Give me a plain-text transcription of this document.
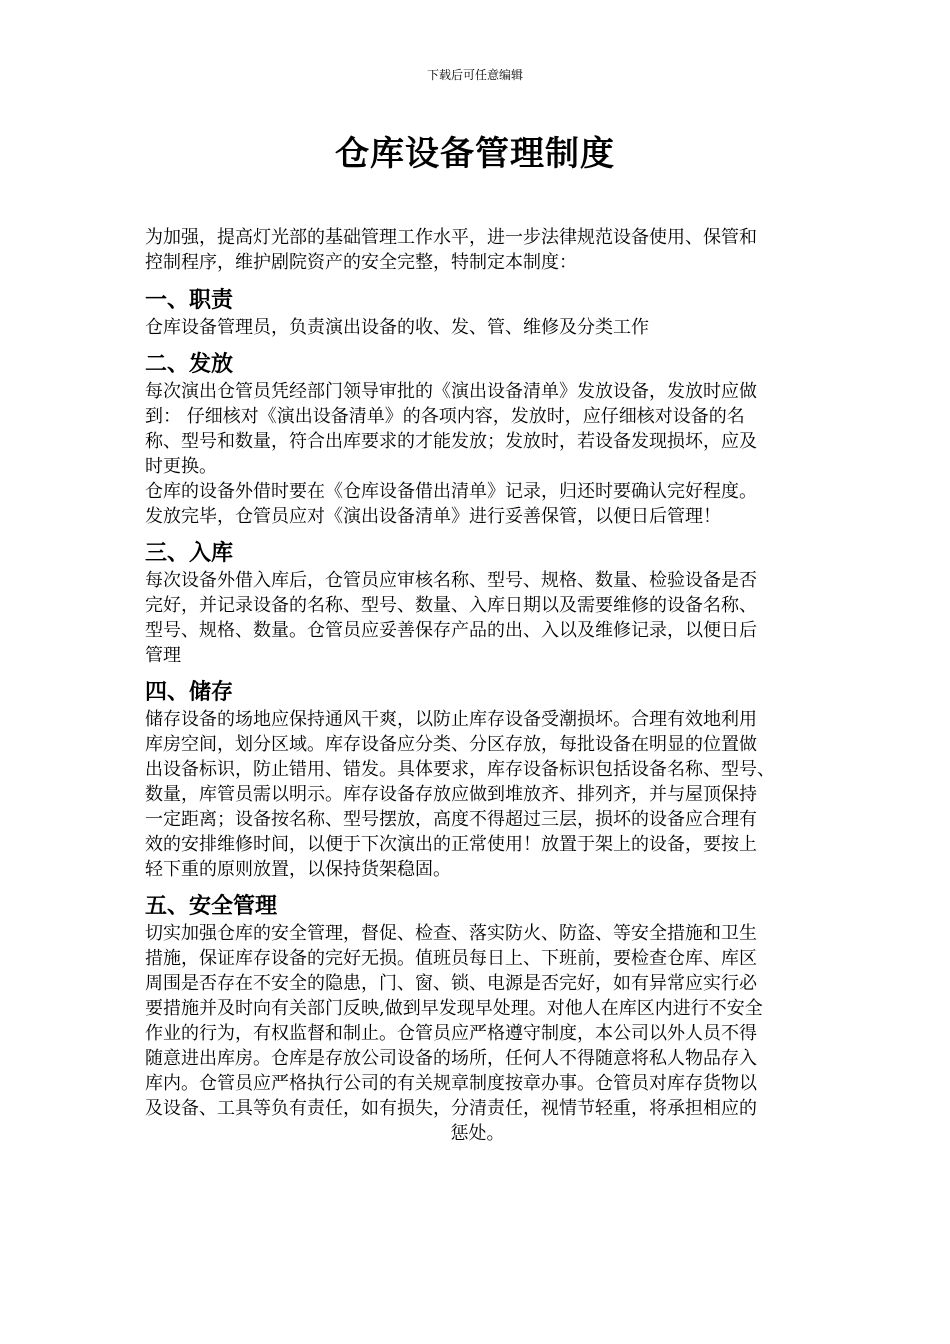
下载后可任意编辑
仓库设备管理制度

为加强，提高灯光部的基础管理工作水平，进一步法律规范设备使用、保管和
控制程序，维护剧院资产的安全完整，特制定本制度：

一、职责

仓库设备管理员，负责演出设备的收、发、管、维修及分类工作

二、发放

每次演出仓管员凭经部门领导审批的《演出设备清单》发放设备，发放时应做
到： 仔细核对《演出设备清单》的各项内容，发放时，应仔细核对设备的名
称、型号和数量，符合出库要求的才能发放；发放时，若设备发现损坏，应及
时更换。
仓库的设备外借时要在《仓库设备借出清单》记录，归还时要确认完好程度。
发放完毕，仓管员应对《演出设备清单》进行妥善保管，以便日后管理！

三、入库

每次设备外借入库后，仓管员应审核名称、型号、规格、数量、检验设备是否
完好，并记录设备的名称、型号、数量、入库日期以及需要维修的设备名称、
型号、规格、数量。仓管员应妥善保存产品的出、入以及维修记录，以便日后
管理

四、储存

储存设备的场地应保持通风干爽，以防止库存设备受潮损坏。合理有效地利用
库房空间，划分区域。库存设备应分类、分区存放，每批设备在明显的位置做
出设备标识，防止错用、错发。具体要求，库存设备标识包括设备名称、型号、
数量，库管员需以明示。库存设备存放应做到堆放齐、排列齐，并与屋顶保持
一定距离；设备按名称、型号摆放，高度不得超过三层，损坏的设备应合理有
效的安排维修时间，以便于下次演出的正常使用！放置于架上的设备，要按上
轻下重的原则放置，以保持货架稳固。

五、安全管理

切实加强仓库的安全管理，督促、检查、落实防火、防盗、等安全措施和卫生
措施，保证库存设备的完好无损。值班员每日上、下班前，要检查仓库、库区
周围是否存在不安全的隐患，门、窗、锁、电源是否完好，如有异常应实行必
要措施并及时向有关部门反映,做到早发现早处理。对他人在库区内进行不安全
作业的行为，有权监督和制止。仓管员应严格遵守制度，本公司以外人员不得
随意进出库房。仓库是存放公司设备的场所，任何人不得随意将私人物品存入
库内。仓管员应严格执行公司的有关规章制度按章办事。仓管员对库存货物以
及设备、工具等负有责任，如有损失，分清责任，视情节轻重，将承担相应的
惩处。
